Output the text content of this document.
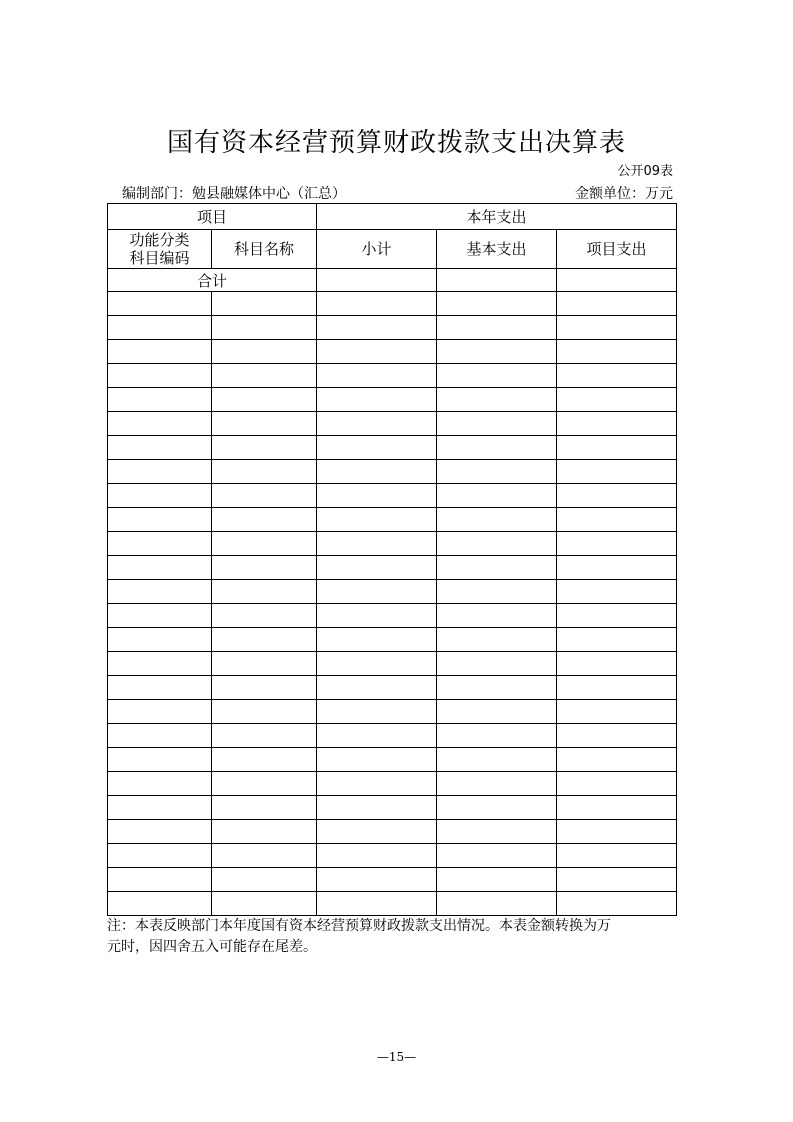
国有资本经营预算财政拨款支出决算表
公开09表
编制部门：勉县融媒体中心（汇总）	金额单位：万元
项目		本年支出		

功能分类
科目编码	科目名称	小计	基本支出	项目支出
合计				

注：本表反映部门本年度国有资本经营预算财政拨款支出情况。本表金额转换为万
元时，因四舍五入可能存在尾差。
—15—
